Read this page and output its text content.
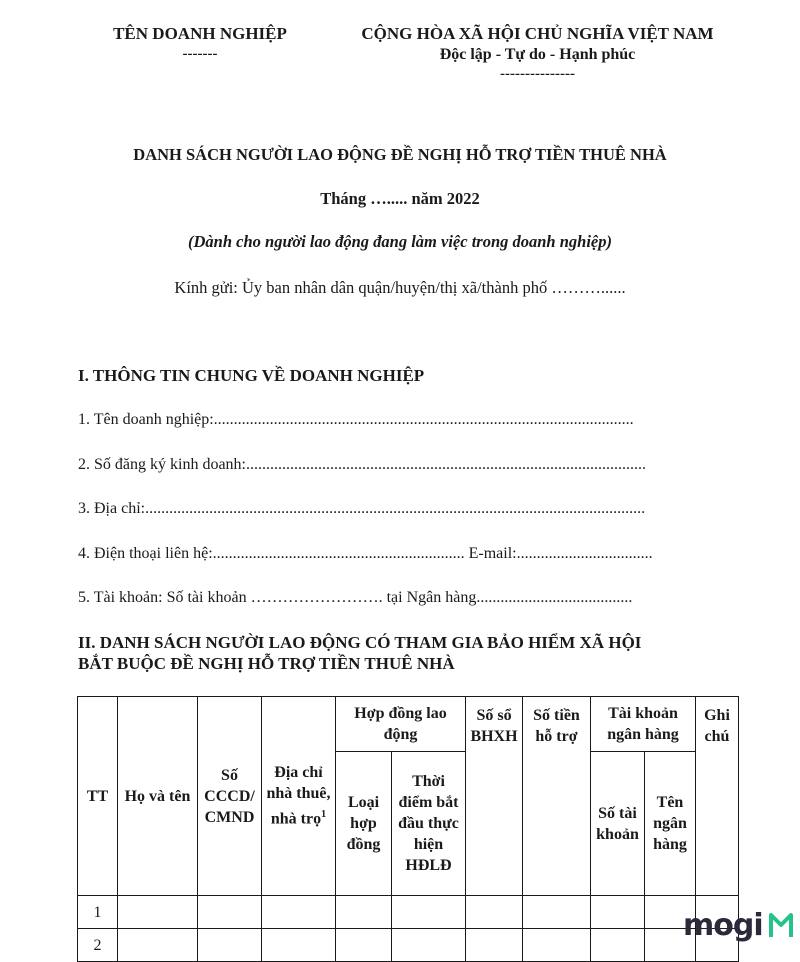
TÊN DOANH NGHIỆP
-------
CỘNG HÒA XÃ HỘI CHỦ NGHĨA VIỆT NAM
Độc lập - Tự do - Hạnh phúc
---------------
DANH SÁCH NGƯỜI LAO ĐỘNG ĐỀ NGHỊ HỖ TRỢ TIỀN THUÊ NHÀ
Tháng …..... năm 2022
(Dành cho người lao động đang làm việc trong doanh nghiệp)
Kính gửi: Ủy ban nhân dân quận/huyện/thị xã/thành phố ………......
I. THÔNG TIN CHUNG VỀ DOANH NGHIỆP
1. Tên doanh nghiệp:.........................................................................................................
2. Số đăng ký kinh doanh:....................................................................................................
3. Địa chỉ:.............................................................................................................................
4. Điện thoại liên hệ:............................................................... E-mail:..................................
5. Tài khoản: Số tài khoản ……………………. tại Ngân hàng.......................................
II. DANH SÁCH NGƯỜI LAO ĐỘNG CÓ THAM GIA BẢO HIỂM XÃ HỘI
BẮT BUỘC ĐỀ NGHỊ HỖ TRỢ TIỀN THUÊ NHÀ
TT	Họ và tên	Số CCCD/ CMND	Địa chỉ nhà thuê, nhà trọ$^1$	Hợp đồng lao động		Số sổ BHXH	Số tiền hỗ trợ	Tài khoản ngân hàng		Ghi chú
				Loại hợp đồng	Thời điểm bắt đầu thực hiện HĐLĐ			Số tài khoản	Tên ngân hàng	
1										
2										
mogi
